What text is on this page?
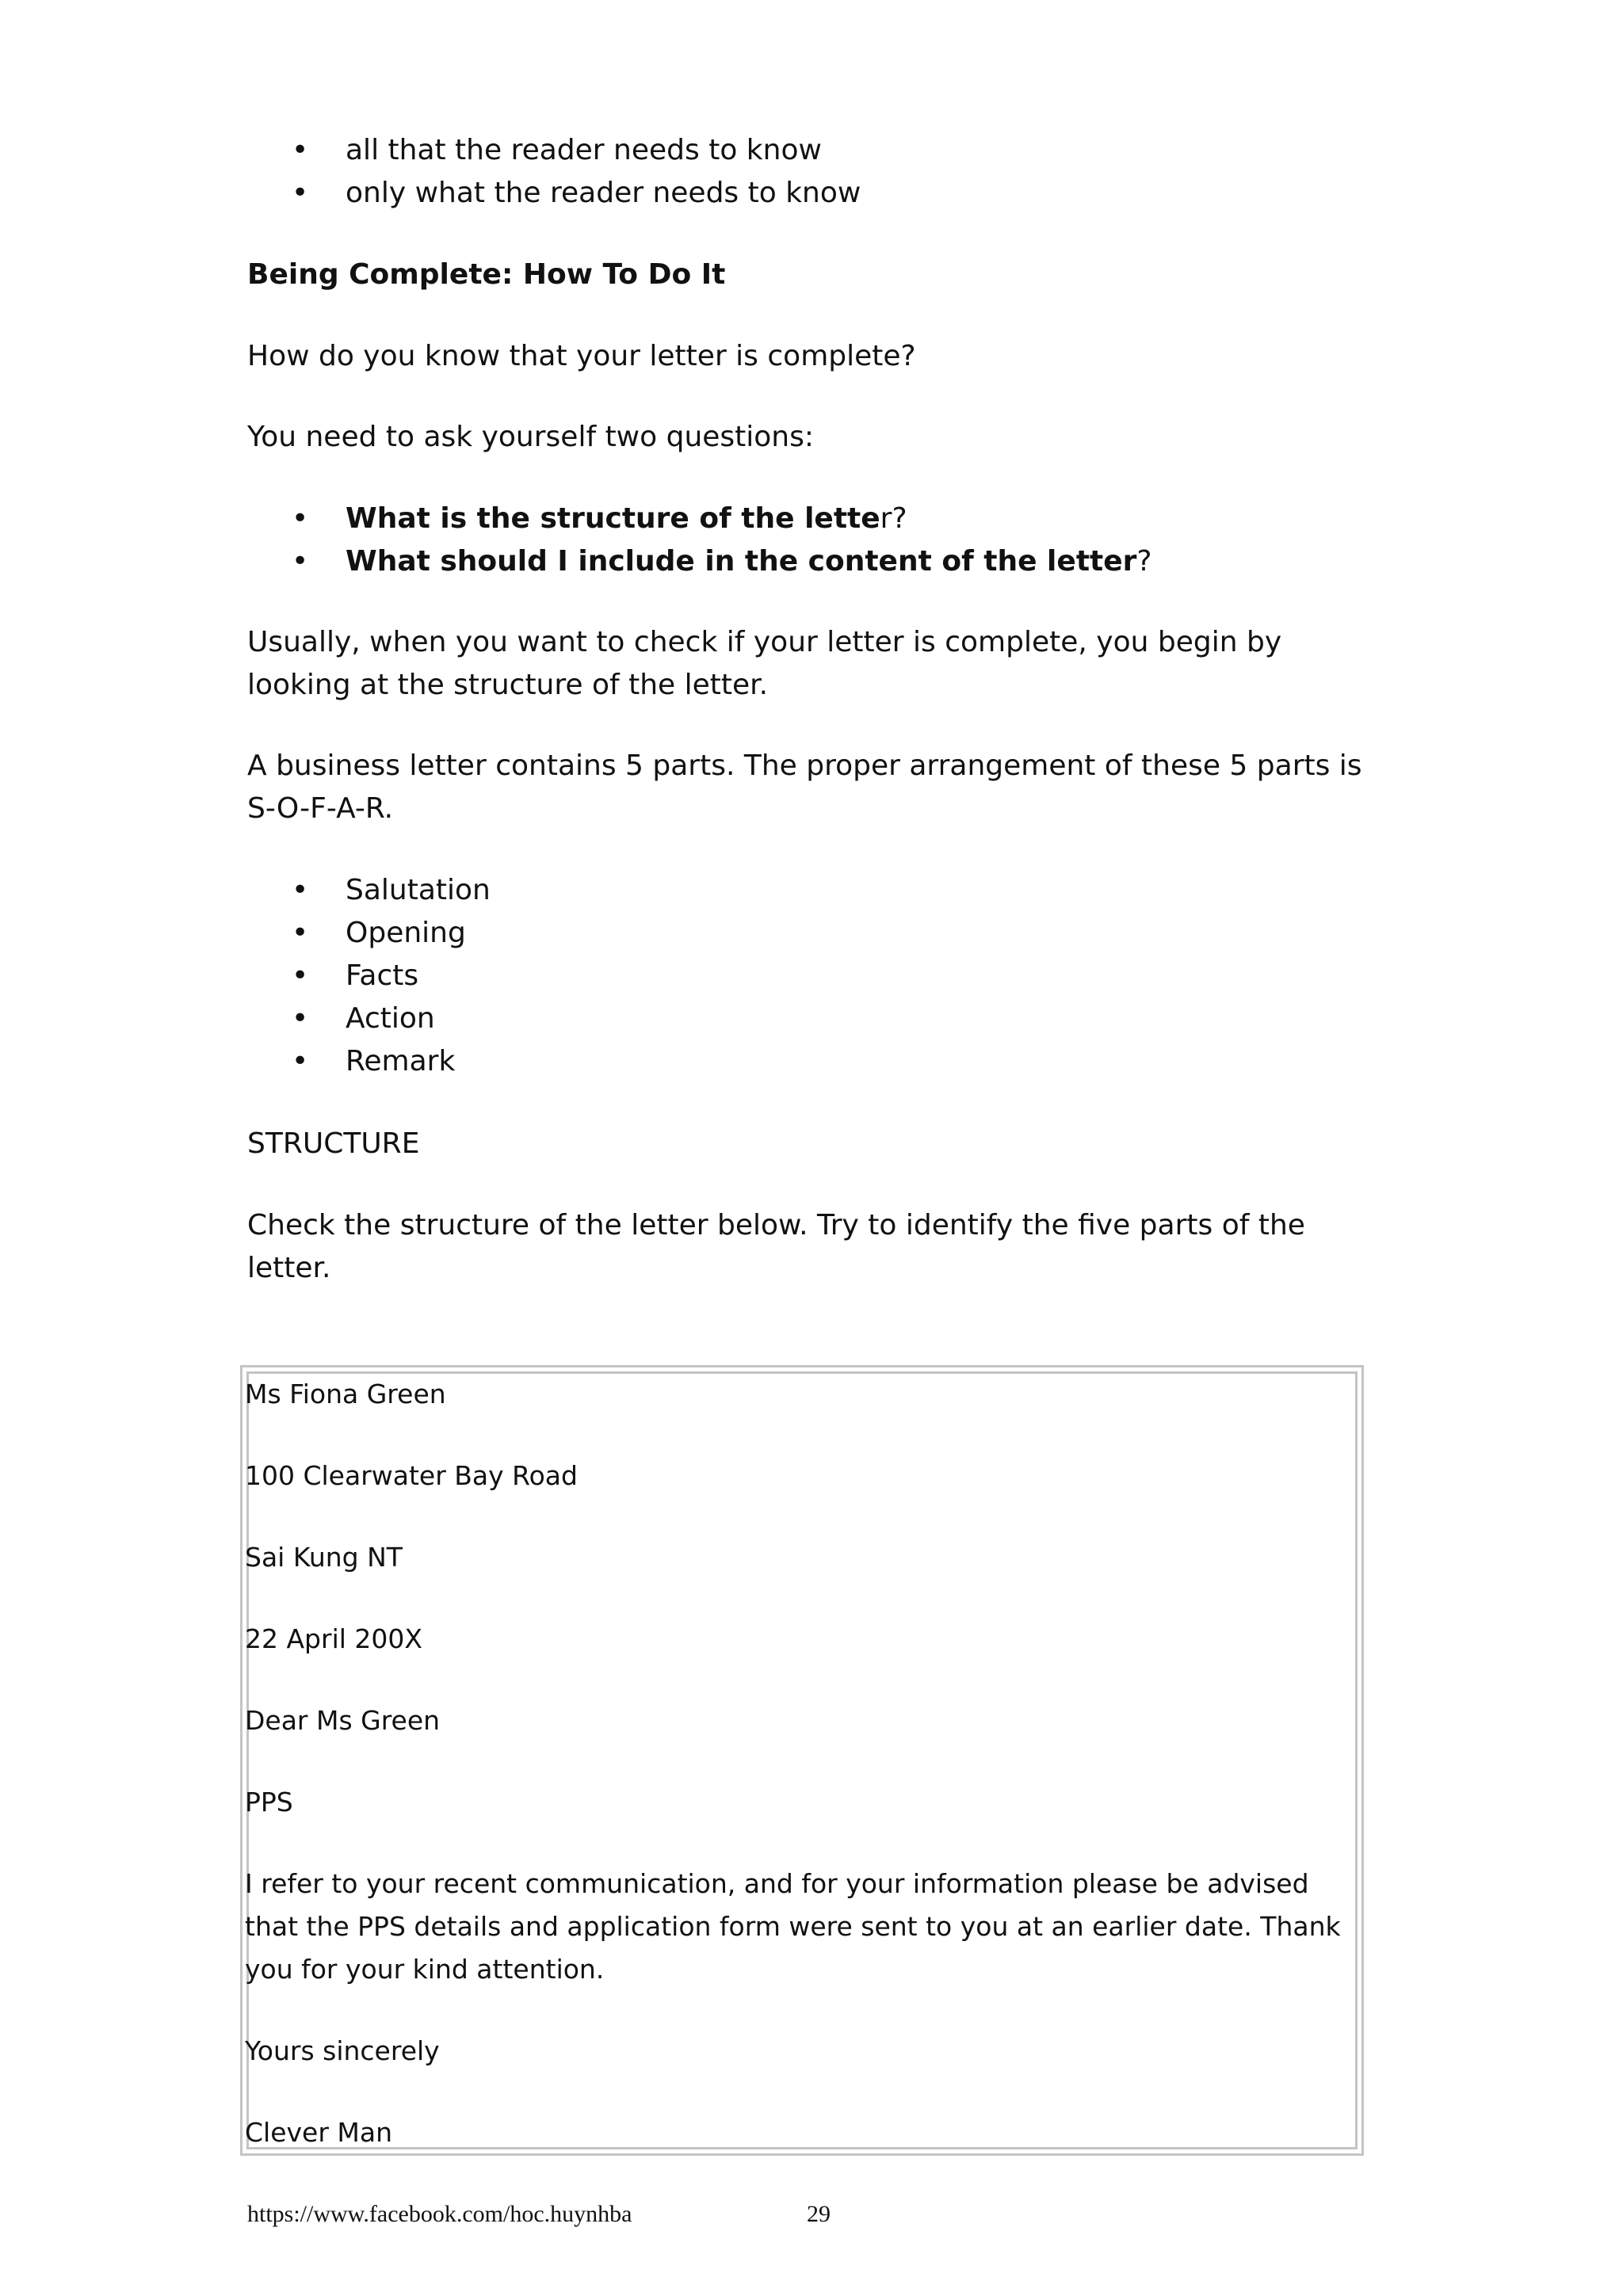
• all that the reader needs to know
• only what the reader needs to know

Being Complete: How To Do It

How do you know that your letter is complete?

You need to ask yourself two questions:

• What is the structure of the letter?
• What should I include in the content of the letter?

Usually, when you want to check if your letter is complete, you begin by looking at the structure of the letter.

A business letter contains 5 parts. The proper arrangement of these 5 parts is S-O-F-A-R.

• Salutation
• Opening
• Facts
• Action
• Remark

STRUCTURE

Check the structure of the letter below. Try to identify the five parts of the letter.

Ms Fiona Green

100 Clearwater Bay Road

Sai Kung NT

22 April 200X

Dear Ms Green

PPS

I refer to your recent communication, and for your information please be advised that the PPS details and application form were sent to you at an earlier date. Thank you for your kind attention.

Yours sincerely

Clever Man

https://www.facebook.com/hoc.huynhba	29
